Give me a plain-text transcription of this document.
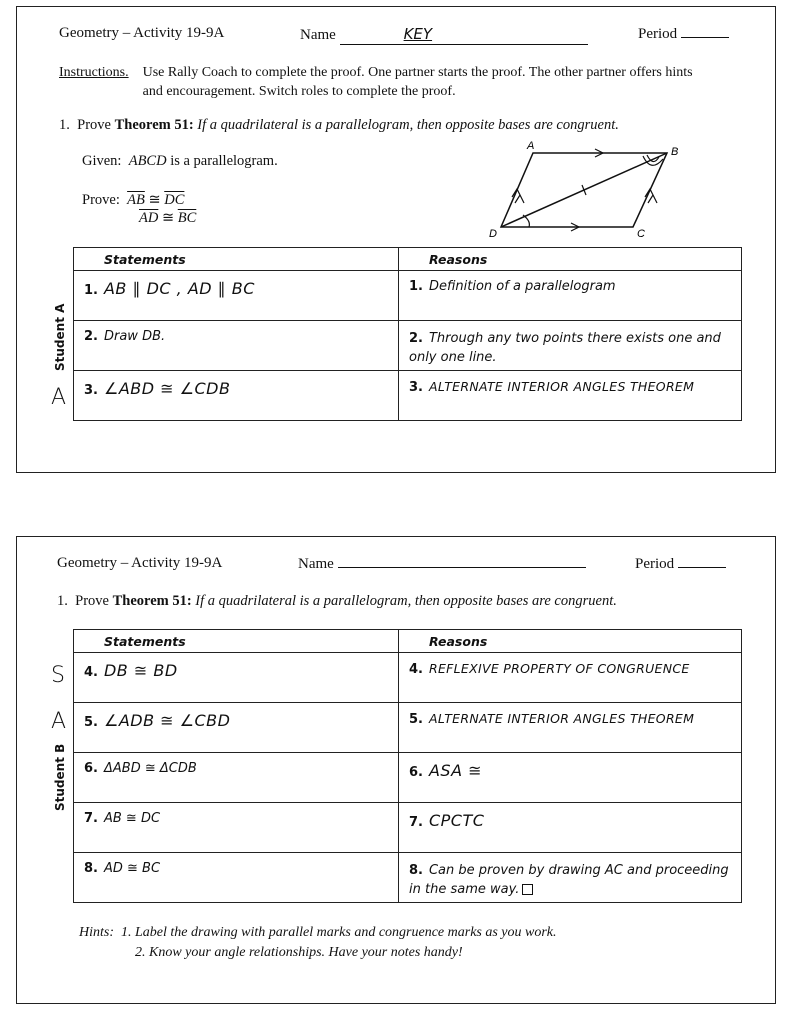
Geometry – Activity 19-9A	Name	KEY	Period
Instructions. Use Rally Coach to complete the proof. One partner starts the proof. The other partner offers hints and encouragement. Switch roles to complete the proof.
1. Prove Theorem 51: If a quadrilateral is a parallelogram, then opposite bases are congruent.
Given: ABCD is a parallelogram.
Prove: $\overline{AB}$ ≅ $\overline{DC}$
$\overline{AD}$ ≅ $\overline{BC}$
A	B
C
D
Student A
A
Statements	Reasons
1. AB ∥ DC , AD ∥ BC	1. Definition of a parallelogram
2. Draw DB.	2. Through any two points there exists one and only one line.
3. ∠ABD ≅ ∠CDB	3. ALTERNATE INTERIOR ANGLES THEOREM
Geometry – Activity 19-9A	Name	Period
1. Prove Theorem 51: If a quadrilateral is a parallelogram, then opposite bases are congruent.
Student B
S
A
Statements	Reasons
4. DB ≅ BD	4. REFLEXIVE PROPERTY OF CONGRUENCE
5. ∠ADB ≅ ∠CBD	5. ALTERNATE INTERIOR ANGLES THEOREM
6. ΔABD ≅ ΔCDB	6. ASA ≅
7. AB ≅ DC	7. CPCTC
8. AD ≅ BC	8. Can be proven by drawing AC and proceeding in the same way.
Hints: 1. Label the drawing with parallel marks and congruence marks as you work.
2. Know your angle relationships. Have your notes handy!
